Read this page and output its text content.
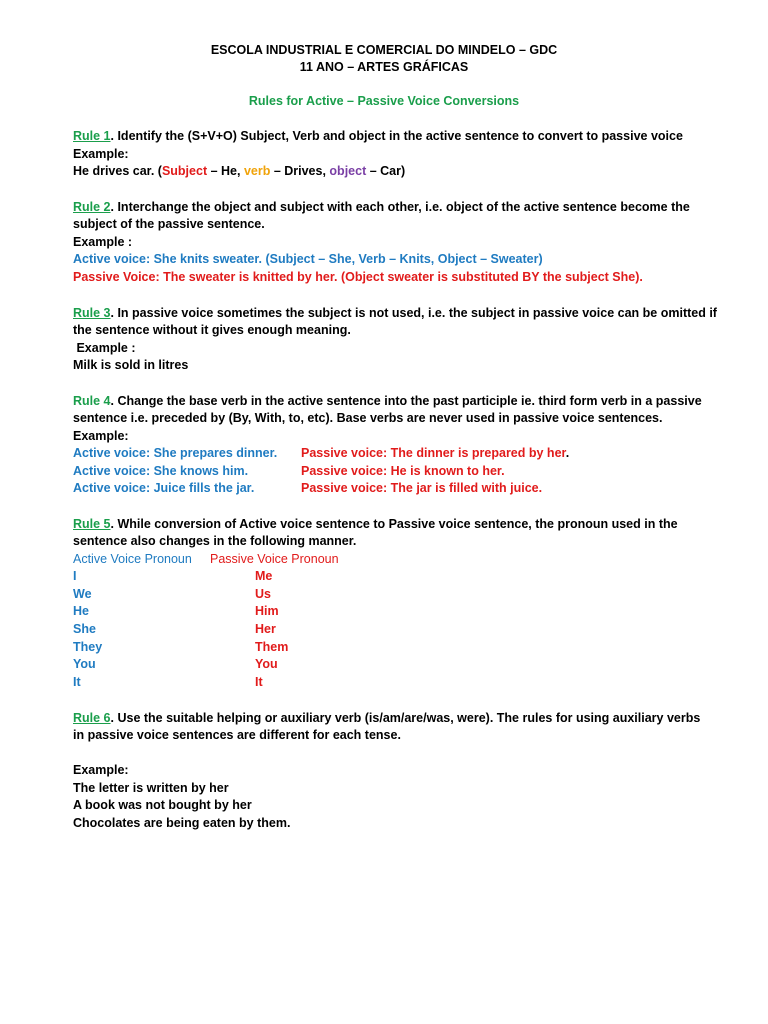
ESCOLA INDUSTRIAL E COMERCIAL DO MINDELO – GDC
11 ANO – ARTES GRÁFICAS
Rules for Active – Passive Voice Conversions
Rule 1. Identify the (S+V+O) Subject, Verb and object in the active sentence to convert to passive voice
Example:
He drives car. (Subject – He, verb – Drives, object – Car)
Rule 2. Interchange the object and subject with each other, i.e. object of the active sentence become the
subject of the passive sentence.
Example :
Active voice: She knits sweater. (Subject – She, Verb – Knits, Object – Sweater)
Passive Voice: The sweater is knitted by her. (Object sweater is substituted BY the subject She).
Rule 3. In passive voice sometimes the subject is not used, i.e. the subject in passive voice can be omitted if
the sentence without it gives enough meaning.
Example :
Milk is sold in litres
Rule 4. Change the base verb in the active sentence into the past participle ie. third form verb in a passive
sentence i.e. preceded by (By, With, to, etc). Base verbs are never used in passive voice sentences.
Example:
Active voice: She prepares dinner. Passive voice: The dinner is prepared by her.
Active voice: She knows him.	Passive voice: He is known to her.
Active voice: Juice fills the jar.	Passive voice: The jar is filled with juice.
Rule 5. While conversion of Active voice sentence to Passive voice sentence, the pronoun used in the
sentence also changes in the following manner.
Active Voice Pronoun Passive Voice Pronoun
I	Me
We	Us
He	Him
She	Her
They	Them
You	You
It	It
Rule 6. Use the suitable helping or auxiliary verb (is/am/are/was, were). The rules for using auxiliary verbs
in passive voice sentences are different for each tense.
Example:
The letter is written by her
A book was not bought by her
Chocolates are being eaten by them.
